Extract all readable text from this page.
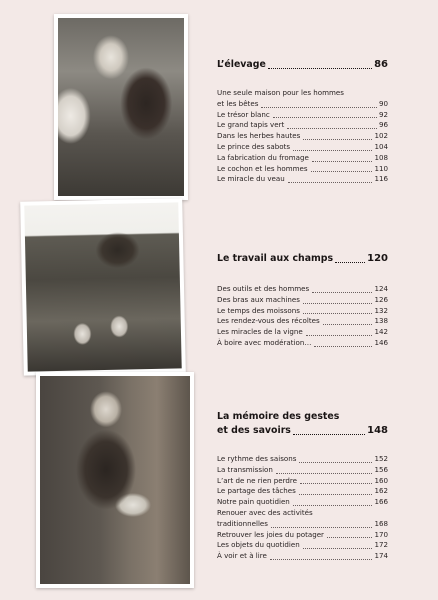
L’élevage	86
Une seule maison pour les hommes
et les bêtes	90
Le trésor blanc	92
Le grand tapis vert	96
Dans les herbes hautes	102
Le prince des sabots	104
La fabrication du fromage	108
Le cochon et les hommes	110
Le miracle du veau	116
Le travail aux champs	120
Des outils et des hommes	124
Des bras aux machines	126
Le temps des moissons	132
Les rendez-vous des récoltes	138
Les miracles de la vigne	142
À boire avec modération…	146
La mémoire des gestes
et des savoirs	148
Le rythme des saisons	152
La transmission	156
L’art de ne rien perdre	160
Le partage des tâches	162
Notre pain quotidien	166
Renouer avec des activités
traditionnelles	168
Retrouver les joies du potager	170
Les objets du quotidien	172
À voir et à lire	174
